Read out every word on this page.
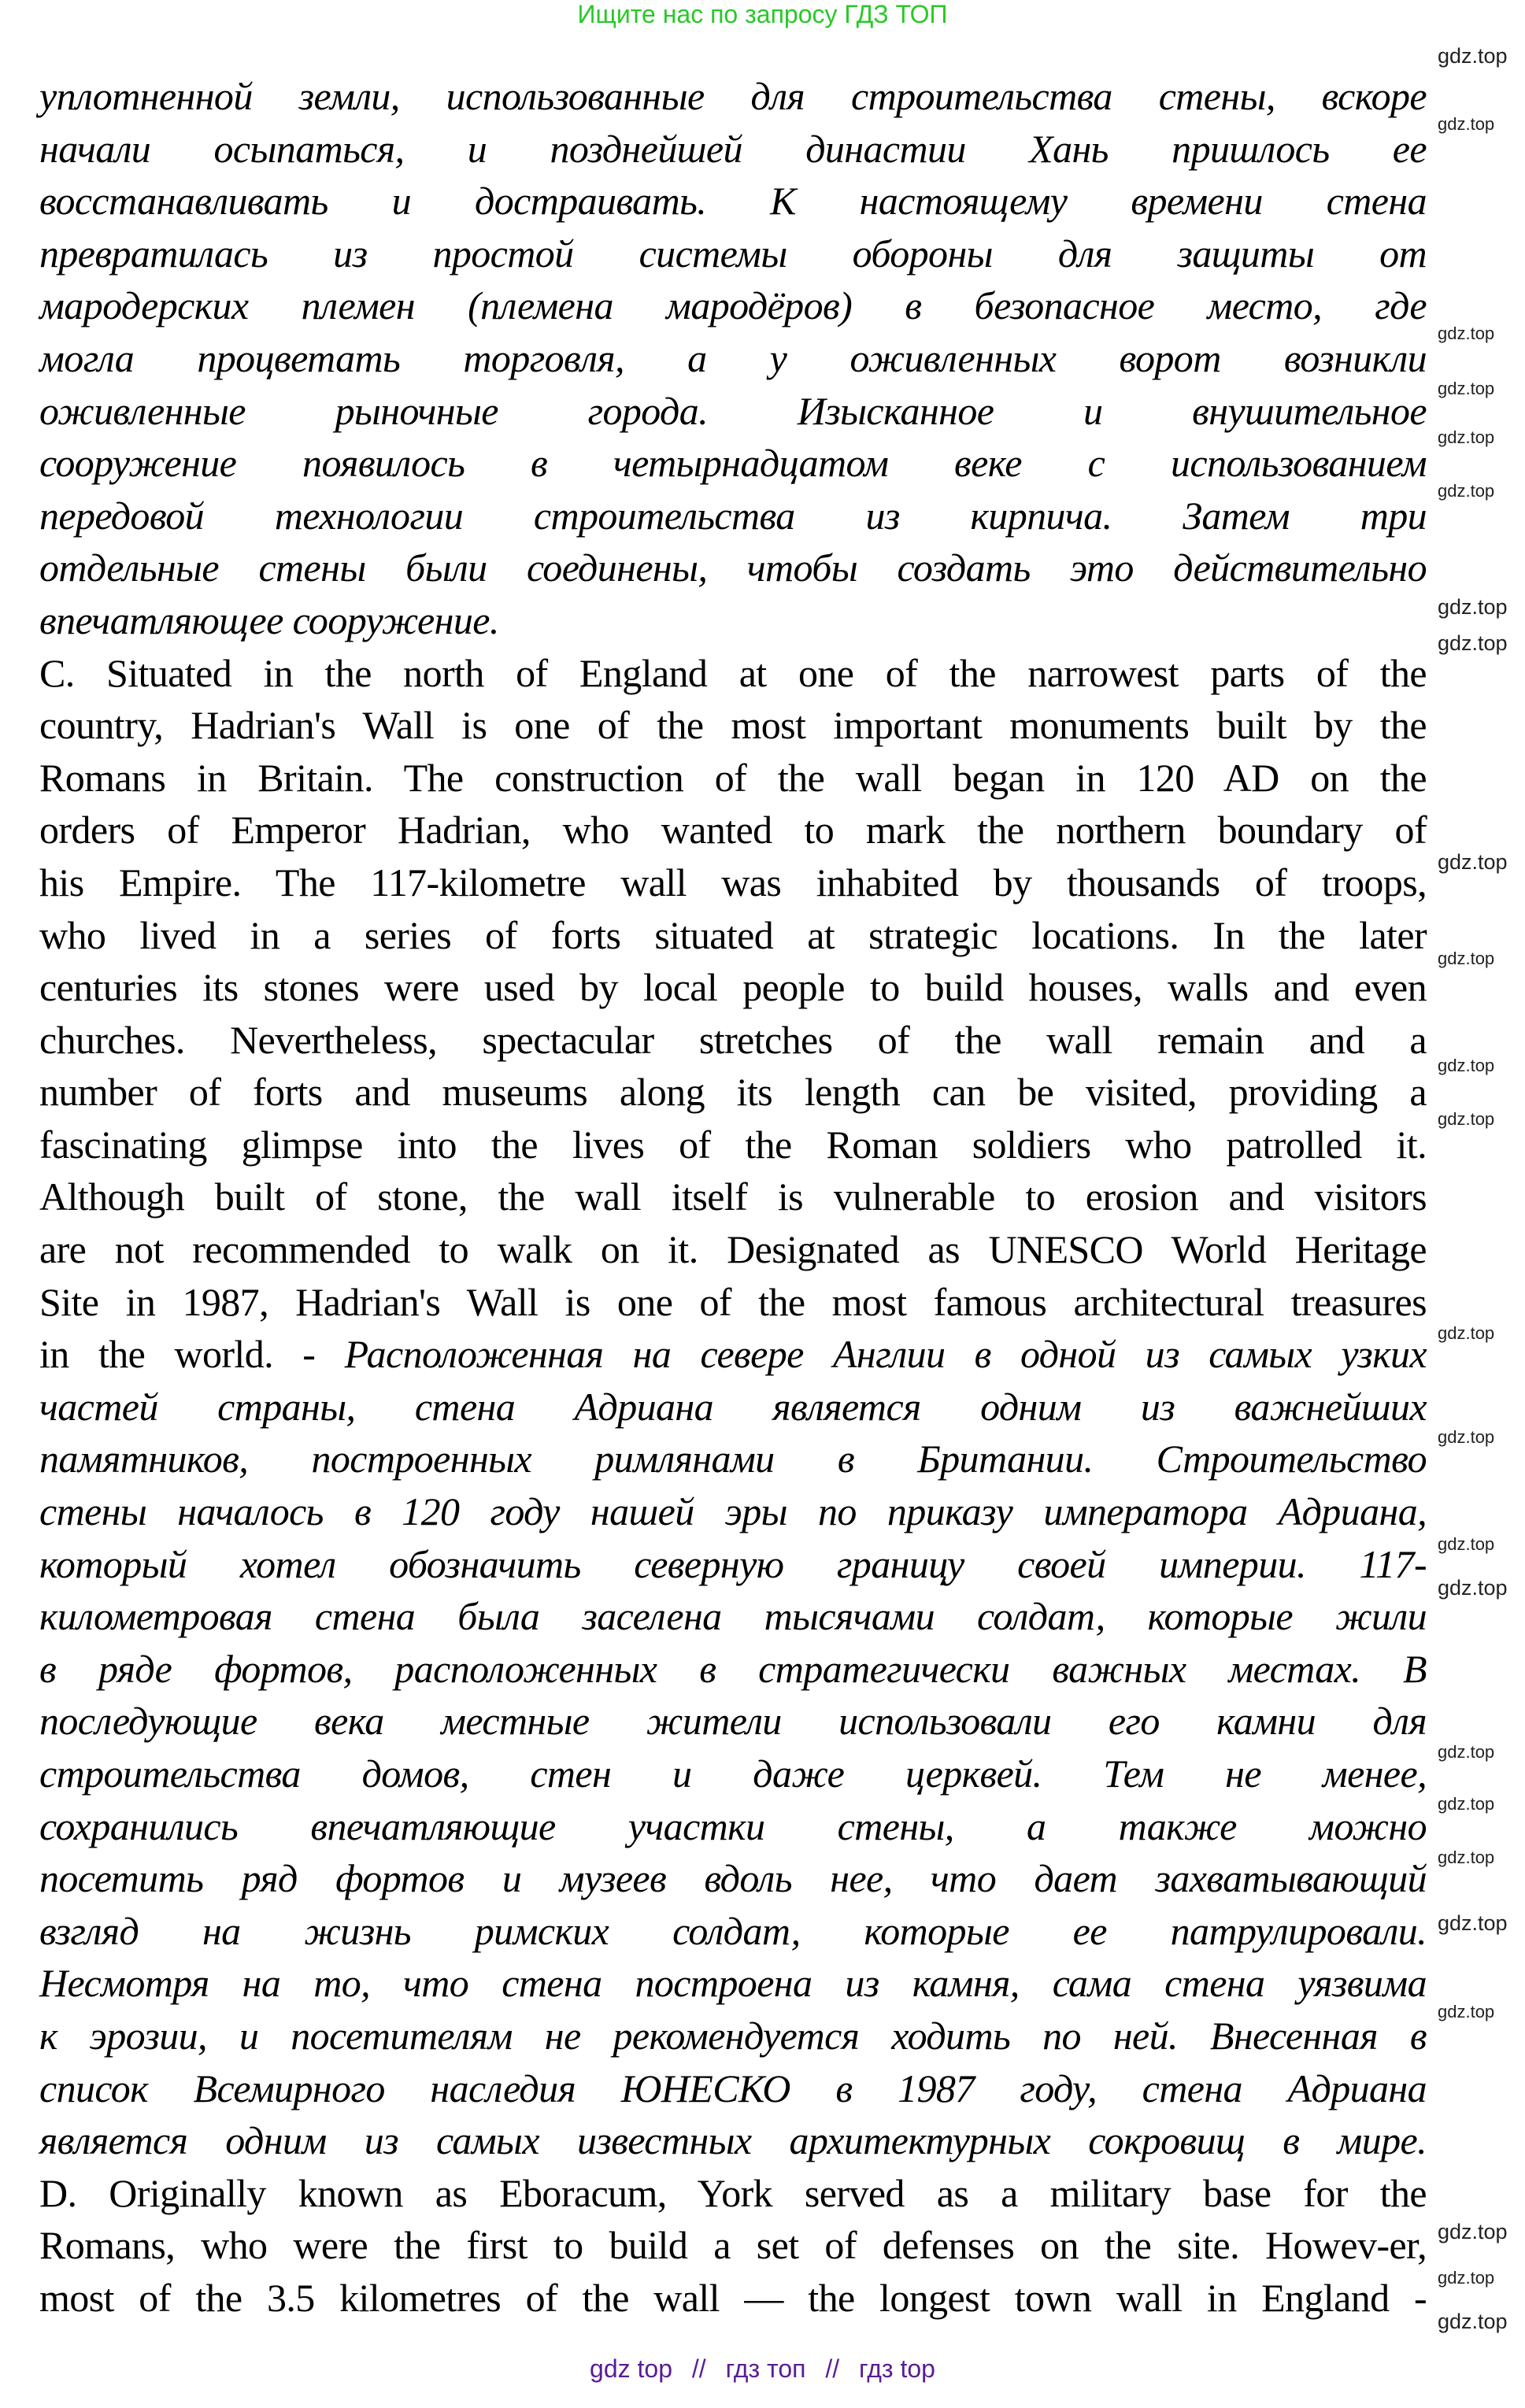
Ищите нас по запросу ГДЗ ТОП
уплотненной земли, использованные для строительства стены, вскоре
начали осыпаться, и позднейшей династии Хань пришлось ее
восстанавливать и достраивать. К настоящему времени стена
превратилась из простой системы обороны для защиты от
мародерских племен (племена мародёров) в безопасное место, где
могла процветать торговля, а у оживленных ворот возникли
оживленные рыночные города. Изысканное и внушительное
сооружение появилось в четырнадцатом веке с использованием
передовой технологии строительства из кирпича. Затем три
отдельные стены были соединены, чтобы создать это действительно
впечатляющее сооружение.
C. Situated in the north of England at one of the narrowest parts of the
country, Hadrian's Wall is one of the most important monuments built by the
Romans in Britain. The construction of the wall began in 120 AD on the
orders of Emperor Hadrian, who wanted to mark the northern boundary of
his Empire. The 117-kilometre wall was inhabited by thousands of troops,
who lived in a series of forts situated at strategic locations. In the later
centuries its stones were used by local people to build houses, walls and even
churches. Nevertheless, spectacular stretches of the wall remain and a
number of forts and museums along its length can be visited, providing a
fascinating glimpse into the lives of the Roman soldiers who patrolled it.
Although built of stone, the wall itself is vulnerable to erosion and visitors
are not recommended to walk on it. Designated as UNESCO World Heritage
Site in 1987, Hadrian's Wall is one of the most famous architectural treasures
in the world. - Расположенная на севере Англии в одной из самых узких
частей страны, стена Адриана является одним из важнейших
памятников, построенных римлянами в Британии. Строительство
стены началось в 120 году нашей эры по приказу императора Адриана,
который хотел обозначить северную границу своей империи. 117-
километровая стена была заселена тысячами солдат, которые жили
в ряде фортов, расположенных в стратегически важных местах. В
последующие века местные жители использовали его камни для
строительства домов, стен и даже церквей. Тем не менее,
сохранились впечатляющие участки стены, а также можно
посетить ряд фортов и музеев вдоль нее, что дает захватывающий
взгляд на жизнь римских солдат, которые ее патрулировали.
Несмотря на то, что стена построена из камня, сама стена уязвима
к эрозии, и посетителям не рекомендуется ходить по ней. Внесенная в
список Всемирного наследия ЮНЕСКО в 1987 году, стена Адриана
является одним из самых известных архитектурных сокровищ в мире.
D. Originally known as Eboracum, York served as a military base for the
Romans, who were the first to build a set of defenses on the site. Howev-er,
most of the 3.5 kilometres of the wall — the longest town wall in England -
gdz top // гдз топ // гдз top
gdz.top
gdz.top
gdz.top
gdz.top
gdz.top
gdz.top
gdz.top
gdz.top
gdz.top
gdz.top
gdz.top
gdz.top
gdz.top
gdz.top
gdz.top
gdz.top
gdz.top
gdz.top
gdz.top
gdz.top
gdz.top
gdz.top
gdz.top
gdz.top
